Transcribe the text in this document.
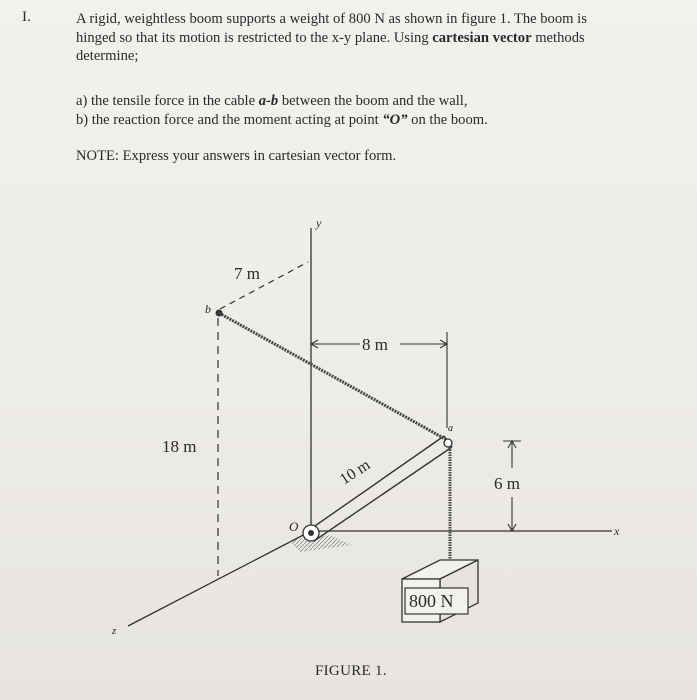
I.	A rigid, weightless boom supports a weight of 800 N as shown in figure 1. The boom is
hinged so that its motion is restricted to the x-y plane. Using cartesian vector methods
determine;
a) the tensile force in the cable a-b between the boom and the wall,
b) the reaction force and the moment acting at point “O” on the boom.
NOTE: Express your answers in cartesian vector form.
y
x
z
7 m
b
8 m
a
10 m
O
18 m
6 m
800 N
FIGURE 1.
